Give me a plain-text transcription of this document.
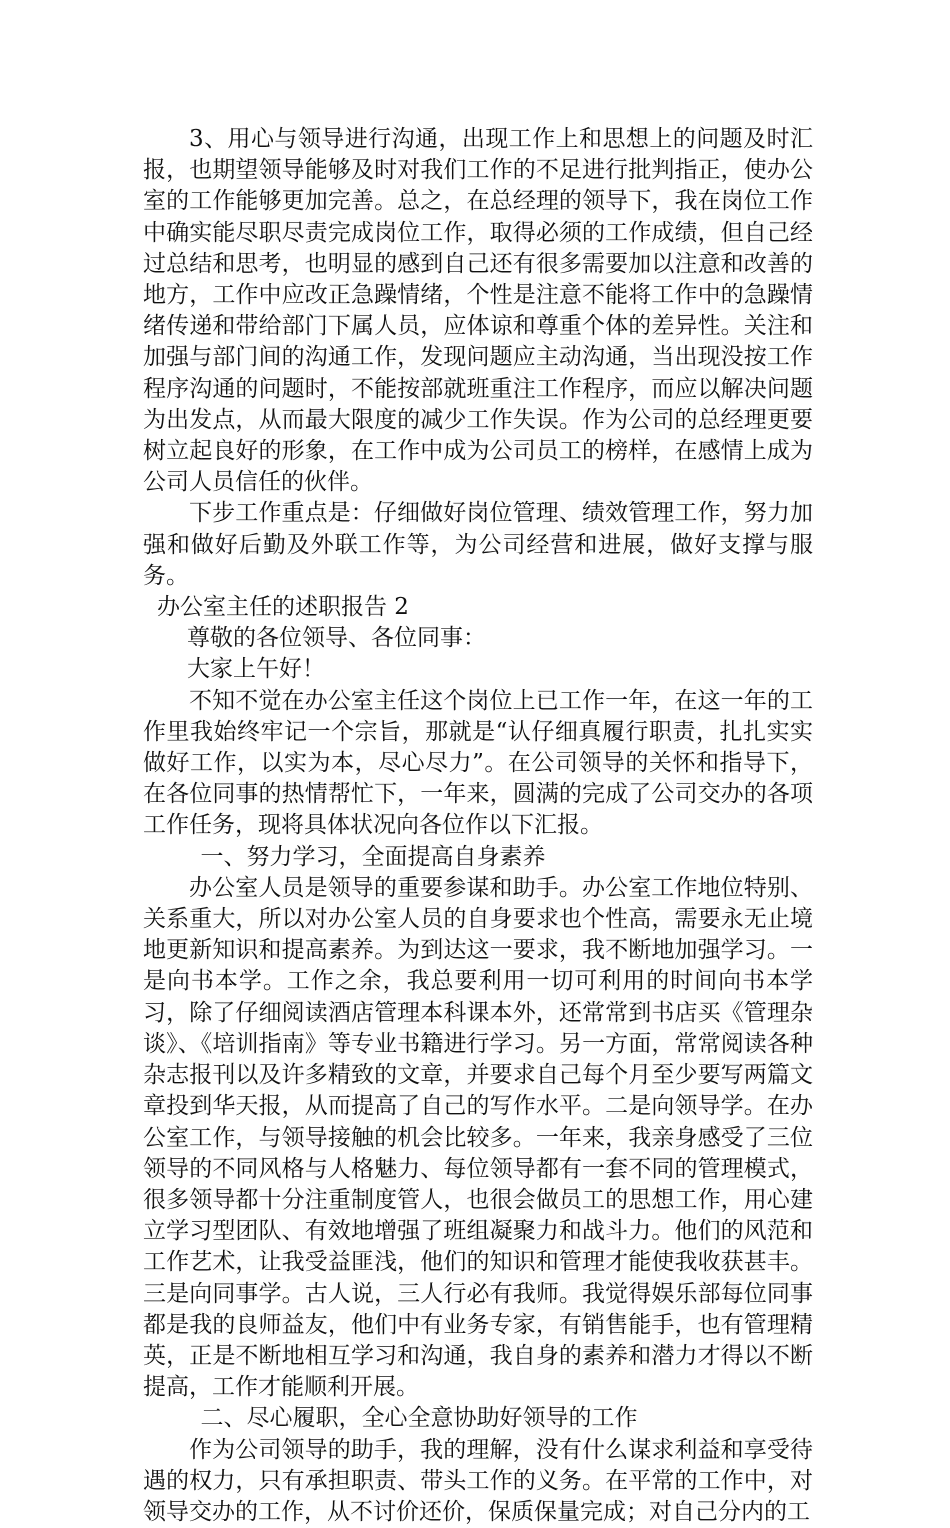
3、用心与领导进行沟通，出现工作上和思想上的问题及时汇报，也期望领导能够及时对我们工作的不足进行批判指正，使办公室的工作能够更加完善。总之，在总经理的领导下，我在岗位工作中确实能尽职尽责完成岗位工作，取得必须的工作成绩，但自己经过总结和思考，也明显的感到自己还有很多需要加以注意和改善的地方，工作中应改正急躁情绪，个性是注意不能将工作中的急躁情绪传递和带给部门下属人员，应体谅和尊重个体的差异性。关注和加强与部门间的沟通工作，发现问题应主动沟通，当出现没按工作程序沟通的问题时，不能按部就班重注工作程序，而应以解决问题为出发点，从而最大限度的减少工作失误。作为公司的总经理更要树立起良好的形象，在工作中成为公司员工的榜样，在感情上成为公司人员信任的伙伴。

下步工作重点是：仔细做好岗位管理、绩效管理工作，努力加强和做好后勤及外联工作等，为公司经营和进展，做好支撑与服务。

办公室主任的述职报告 2

尊敬的各位领导、各位同事：

大家上午好！

不知不觉在办公室主任这个岗位上已工作一年，在这一年的工作里我始终牢记一个宗旨，那就是“认仔细真履行职责，扎扎实实做好工作，以实为本，尽心尽力”。在公司领导的关怀和指导下，在各位同事的热情帮忙下，一年来，圆满的完成了公司交办的各项工作任务，现将具体状况向各位作以下汇报。

一、努力学习，全面提高自身素养

办公室人员是领导的重要参谋和助手。办公室工作地位特别、关系重大，所以对办公室人员的自身要求也个性高，需要永无止境地更新知识和提高素养。为到达这一要求，我不断地加强学习。一是向书本学。工作之余，我总要利用一切可利用的时间向书本学习，除了仔细阅读酒店管理本科课本外，还常常到书店买《管理杂谈》、《培训指南》等专业书籍进行学习。另一方面，常常阅读各种杂志报刊以及许多精致的文章，并要求自己每个月至少要写两篇文章投到华天报，从而提高了自己的写作水平。二是向领导学。在办公室工作，与领导接触的机会比较多。一年来，我亲身感受了三位领导的不同风格与人格魅力、每位领导都有一套不同的管理模式，很多领导都十分注重制度管人，也很会做员工的思想工作，用心建立学习型团队、有效地增强了班组凝聚力和战斗力。他们的风范和工作艺术，让我受益匪浅，他们的知识和管理才能使我收获甚丰。三是向同事学。古人说，三人行必有我师。我觉得娱乐部每位同事都是我的良师益友，他们中有业务专家，有销售能手，也有管理精英，正是不断地相互学习和沟通，我自身的素养和潜力才得以不断提高，工作才能顺利开展。

二、尽心履职，全心全意协助好领导的工作

作为公司领导的助手，我的理解，没有什么谋求利益和享受待遇的权力，只有承担职责、带头工作的义务。在平常的工作中，对领导交办的工作，从不讨价还价，保质保量完成；对自己分内的工
